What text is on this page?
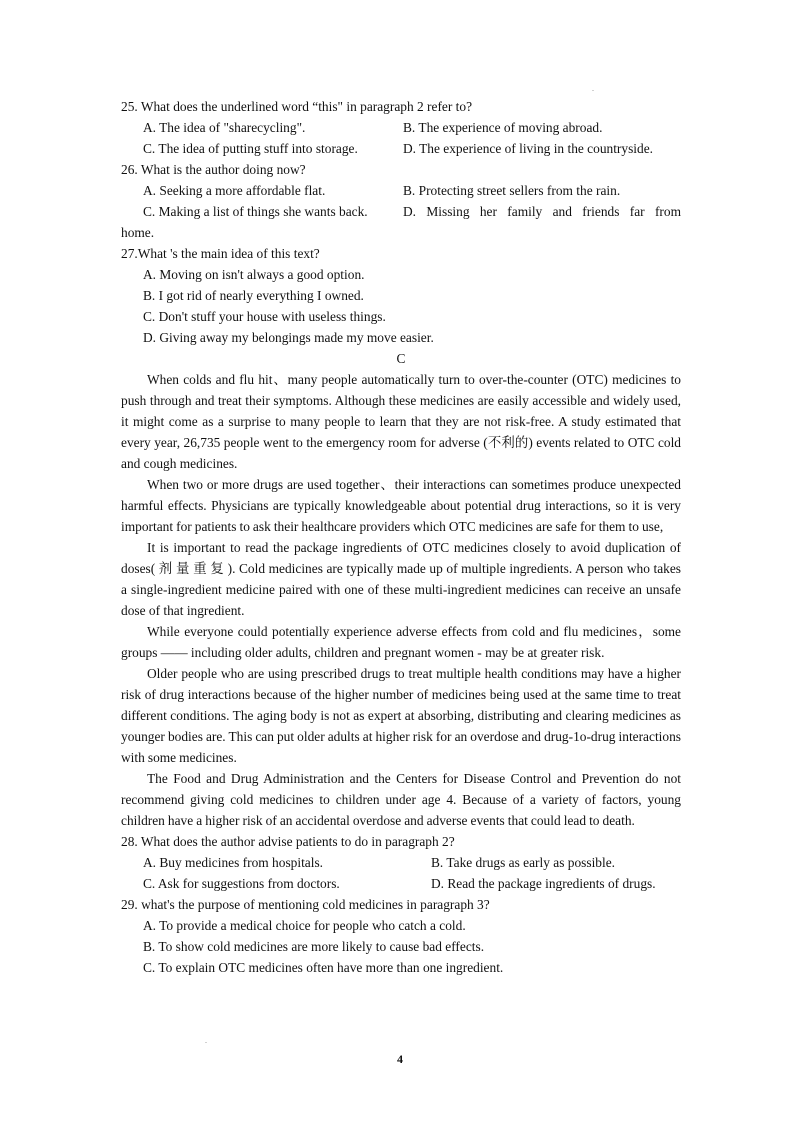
.
.
25. What does the underlined word “this" in paragraph 2 refer to?
A. The idea of "sharecycling".	B. The experience of moving abroad.
C. The idea of putting stuff into storage.	D. The experience of living in the countryside.
26. What is the author doing now?
A. Seeking a more affordable flat.	B. Protecting street sellers from the rain.
C. Making a list of things she wants back.	D. Missing her family and friends far from
home.
27.What 's the main idea of this text?
A. Moving on isn't always a good option.
B. I got rid of nearly everything I owned.
C. Don't stuff your house with useless things.
D. Giving away my belongings made my move easier.
C

When colds and flu hit、many people automatically turn to over-the-counter (OTC) medicines to push through and treat their symptoms. Although these medicines are easily accessible and widely used, it might come as a surprise to many people to learn that they are not risk-free. A study estimated that every year, 26,735 people went to the emergency room for adverse (不利的) events related to OTC cold and cough medicines.

When two or more drugs are used together、their interactions can sometimes produce unexpected harmful effects. Physicians are typically knowledgeable about potential drug interactions, so it is very important for patients to ask their healthcare providers which OTC medicines are safe for them to use,

It is important to read the package ingredients of OTC medicines closely to avoid duplication of doses( 剂 量 重 复 ). Cold medicines are typically made up of multiple ingredients. A person who takes a single-ingredient medicine paired with one of these multi-ingredient medicines can receive an unsafe dose of that ingredient.

While everyone could potentially experience adverse effects from cold and flu medicines，some groups —— including older adults, children and pregnant women - may be at greater risk.

Older people who are using prescribed drugs to treat multiple health conditions may have a higher risk of drug interactions because of the higher number of medicines being used at the same time to treat different conditions. The aging body is not as expert at absorbing, distributing and clearing medicines as younger bodies are. This can put older adults at higher risk for an overdose and drug-1o-drug interactions with some medicines.

The Food and Drug Administration and the Centers for Disease Control and Prevention do not recommend giving cold medicines to children under age 4. Because of a variety of factors, young children have a higher risk of an accidental overdose and adverse events that could lead to death.

28. What does the author advise patients to do in paragraph 2?
A. Buy medicines from hospitals.	B. Take drugs as early as possible.
C. Ask for suggestions from doctors.	D. Read the package ingredients of drugs.
29. what's the purpose of mentioning cold medicines in paragraph 3?
A. To provide a medical choice for people who catch a cold.
B. To show cold medicines are more likely to cause bad effects.
C. To explain OTC medicines often have more than one ingredient.
4
